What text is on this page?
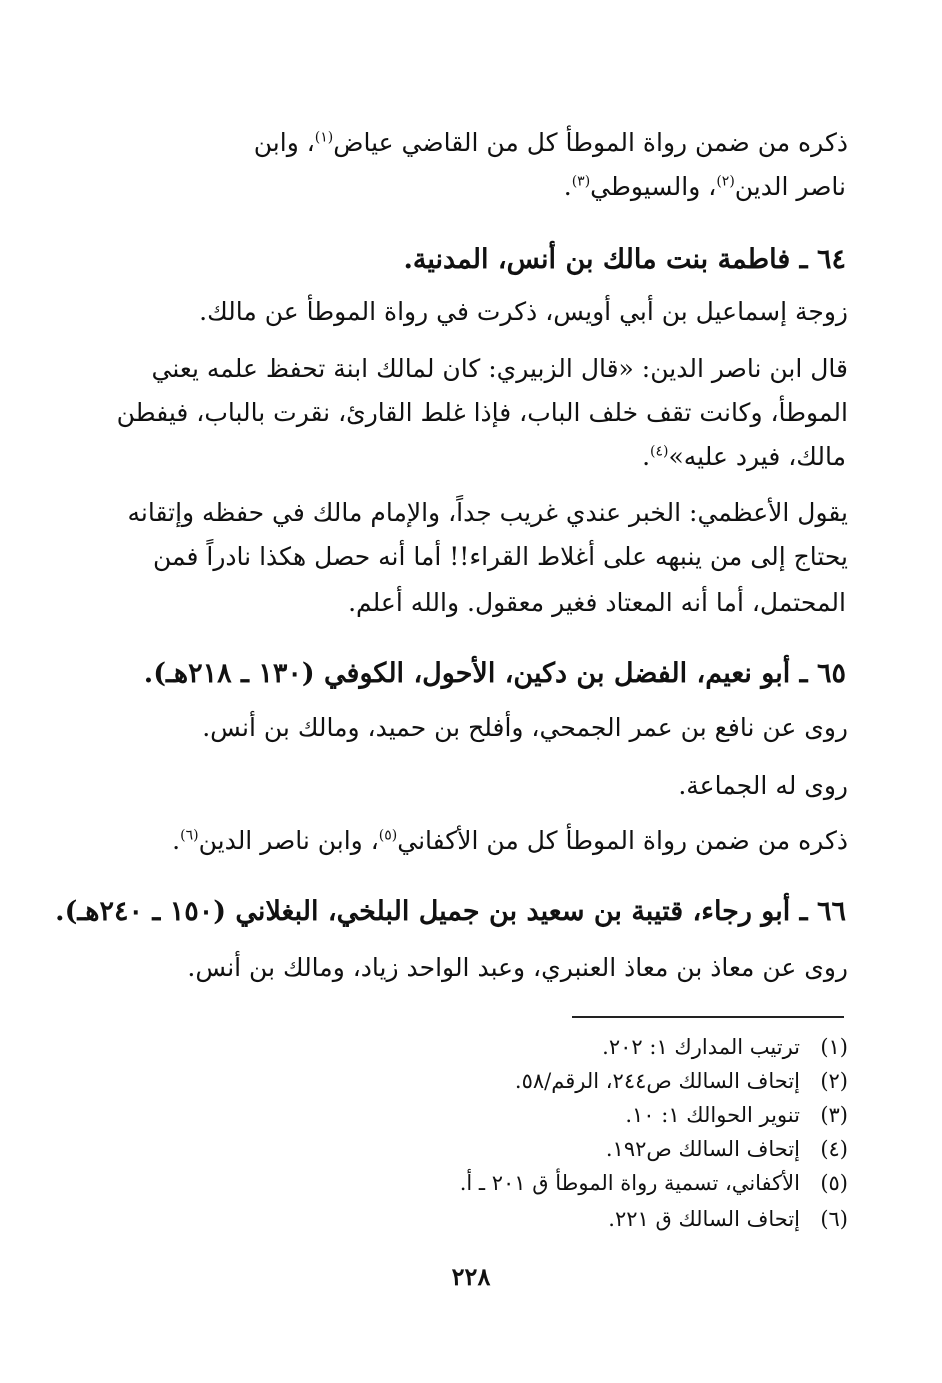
ذكره من ضمن رواة الموطأ كل من القاضي عياض$^{(١)}$، وابن
ناصر الدين$^{(٢)}$، والسيوطي$^{(٣)}$.
٦٤ ـ فاطمة بنت مالك بن أنس، المدنية.
زوجة إسماعيل بن أبي أويس، ذكرت في رواة الموطأ عن مالك.
قال ابن ناصر الدين: «قال الزبيري: كان لمالك ابنة تحفظ علمه يعني
الموطأ، وكانت تقف خلف الباب، فإذا غلط القارئ، نقرت بالباب، فيفطن
مالك، فيرد عليه»$^{(٤)}$.
يقول الأعظمي: الخبر عندي غريب جداً، والإمام مالك في حفظه وإتقانه
يحتاج إلى من ينبهه على أغلاط القراء!! أما أنه حصل هكذا نادراً فمن
المحتمل، أما أنه المعتاد فغير معقول. والله أعلم.
٦٥ ـ أبو نعيم، الفضل بن دكين، الأحول، الكوفي (١٣٠ ـ ٢١٨هـ).
روى عن نافع بن عمر الجمحي، وأفلح بن حميد، ومالك بن أنس.
روى له الجماعة.
ذكره من ضمن رواة الموطأ كل من الأكفاني$^{(٥)}$، وابن ناصر الدين$^{(٦)}$.
٦٦ ـ أبو رجاء، قتيبة بن سعيد بن جميل البلخي، البغلاني (١٥٠ ـ ٢٤٠هـ).
روى عن معاذ بن معاذ العنبري، وعبد الواحد زياد، ومالك بن أنس.
(١)ترتيب المدارك ١: ٢٠٢.
(٢)إتحاف السالك ص٢٤٤، الرقم/٥٨.
(٣)تنوير الحوالك ١: ١٠.
(٤)إتحاف السالك ص١٩٢.
(٥)الأكفاني، تسمية رواة الموطأ ق ٢٠١ ـ أ.
(٦)إتحاف السالك ق ٢٢١.
٢٢٨
